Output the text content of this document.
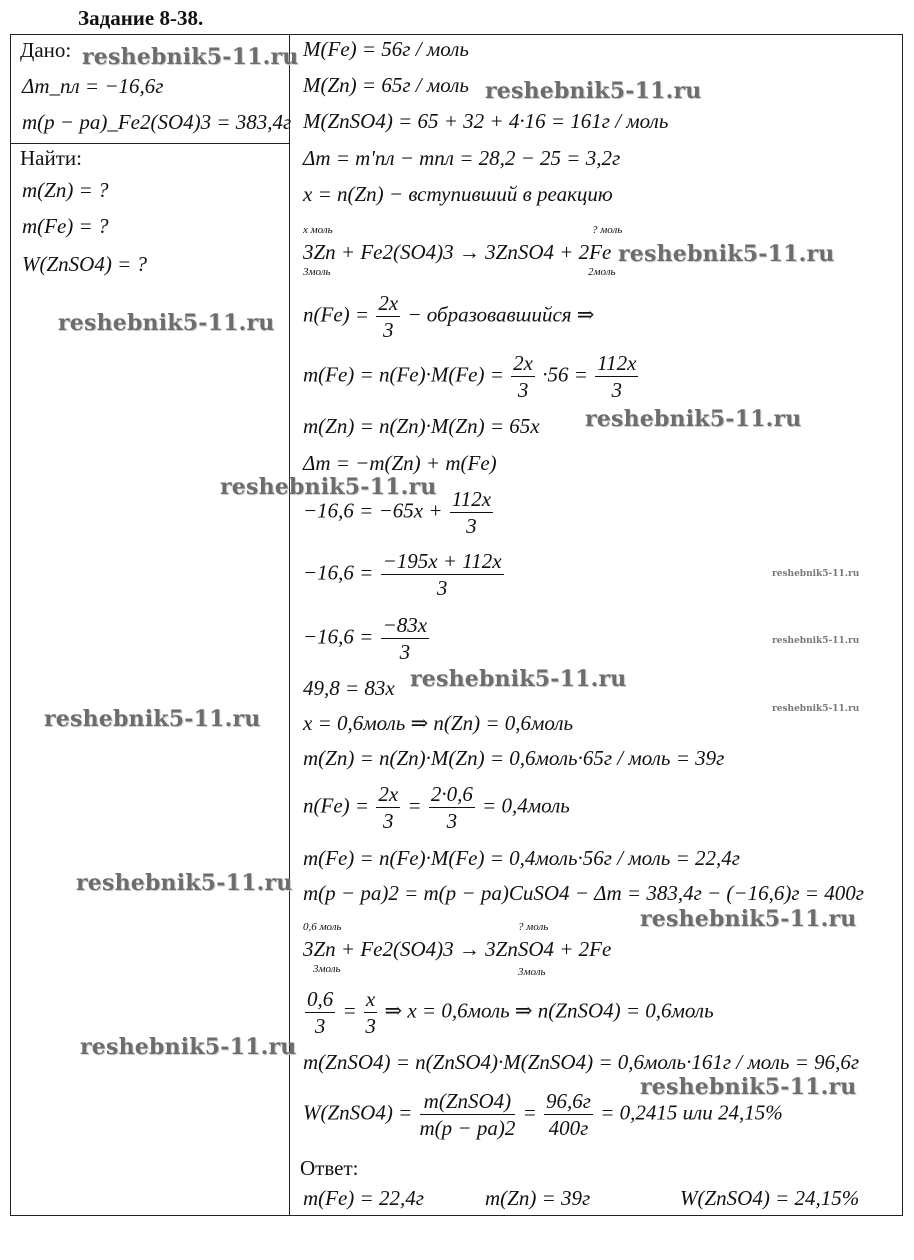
Задание 8-38.
Дано:
Δm_пл = −16,6г
m(p − pa)_Fe2(SO4)3 = 383,4г
Найти:
m(Zn) = ?
m(Fe) = ?
W(ZnSO4) = ?
M(Fe) = 56г / моль
M(Zn) = 65г / моль
M(ZnSO4) = 65 + 32 + 4·16 = 161г / моль
Δm = m'пл − mпл = 28,2 − 25 = 3,2г
x = n(Zn) − вступивший в реакцию
x моль	? моль
3Zn + Fe2(SO4)3 → 3ZnSO4 + 2Fe
3моль	2моль
$n(Fe) = \frac{2x}{3}$ − образовавшийся ⇒
$m(Fe) = n(Fe)\cdot M(Fe) = \frac{2x}{3} \cdot 56 = \frac{112x}{3}$
m(Zn) = n(Zn)·M(Zn) = 65x
Δm = −m(Zn) + m(Fe)
$-16,6 = -65x + \frac{112x}{3}$
$-16,6 = \frac{-195x + 112x}{3}$
$-16,6 = \frac{-83x}{3}$
49,8 = 83x
x = 0,6моль ⇒ n(Zn) = 0,6моль
m(Zn) = n(Zn)·M(Zn) = 0,6моль·65г / моль = 39г
$n(Fe) = \frac{2x}{3} = \frac{2\cdot 0,6}{3}$ = 0,4моль
m(Fe) = n(Fe)·M(Fe) = 0,4моль·56г / моль = 22,4г
m(p − pa)2 = m(p − pa)CuSO4 − Δm = 383,4г − (−16,6)г = 400г
0,6 моль	? моль
3Zn + Fe2(SO4)3 → 3ZnSO4 + 2Fe
3моль	3моль
$\frac{0,6}{3} = \frac{x}{3}$ ⇒ x = 0,6моль ⇒ n(ZnSO4) = 0,6моль
m(ZnSO4) = n(ZnSO4)·M(ZnSO4) = 0,6моль·161г / моль = 96,6г
W(ZnSO4) = $\frac{\text{m(ZnSO4)}}{m(p - pa)2} = \frac{96,6г}{400г} = 0,2415$ или 24,15%
Ответ:
m(Fe) = 22,4г	m(Zn) = 39г	W(ZnSO4) = 24,15%
reshebnik5-11.ru
reshebnik5-11.ru
reshebnik5-11.ru
reshebnik5-11.ru
reshebnik5-11.ru
reshebnik5-11.ru
reshebnik5-11.ru
reshebnik5-11.ru
reshebnik5-11.ru
reshebnik5-11.ru
reshebnik5-11.ru
reshebnik5-11.ru
reshebnik5-11.ru
reshebnik5-11.ru
reshebnik5-11.ru
